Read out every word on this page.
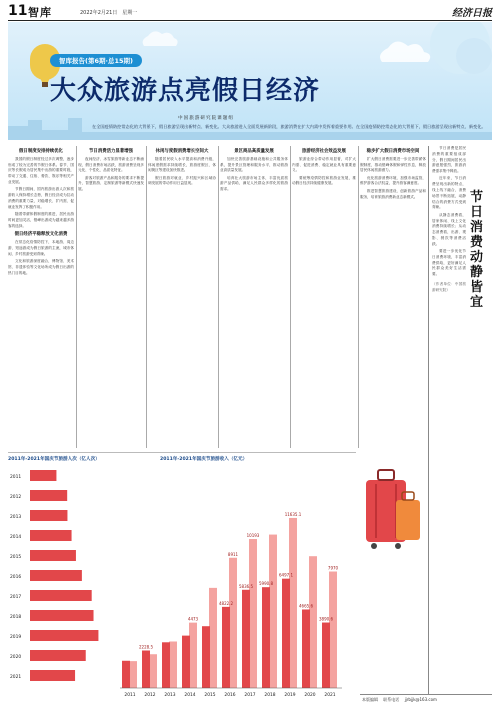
11 智库	2022年2月21日　星期一	经济日报
智库报告(第6期·总15期)
大众旅游点亮假日经济
中国旅游研究院课题组
在全国疫情防控常态化的大背景下，假日旅游呈现出新特点、新变化。大众旅游进入全面发展新阶段，旅游消费在扩大内需中发挥着重要作用。在全国疫情防控常态化的大背景下，假日旅游呈现出新特点、新变化。
假日制度安排持续优化

我国的假日制度经过多次调整，逐步形成了较为完善的节假日体系。春节、国庆等长假成为居民集中出游的重要时段，带动了交通、住宿、餐饮、娱乐等相关产业发展。

节假日期间，国内旅游出游人次和旅游收入保持增长态势，假日经济成为拉动消费的重要力量，对稳增长、扩内需、促就业发挥了积极作用。

随着带薪休假制度的推进，居民出游时间更加灵活，错峰出游成为越来越多游客的选择。

假日经济平稳释放文化消费

在常态化疫情防控下，本地游、周边游、短途游成为假日旅游的主流，城市休闲、乡村旅游受到青睐。

文化和旅游深度融合，博物馆、美术馆、非遗体验等文化场所成为假日出游的热门目的地。

节日消费活力显著增强

夜间经济、冰雪旅游等新业态不断涌现，假日消费市场活跃，旅游消费呈现多元化、个性化、品质化特征。

游客对旅游产品和服务的要求不断提升，智慧旅游、定制旅游等新模式快速发展。

休闲与度假消费增长空间大

随着居民收入水平提高和消费升级，休闲度假需求持续增长，旅游度假区、休闲街区等建设加快推进。

假日旅游对就业、乡村振兴和区域协调发展的带动作用日益显现。

景区商品高质量发展

加快完善旅游基础设施和公共服务体系，提升景区管理和服务水平，推动旅游业高质量发展。

培育壮大旅游市场主体，丰富优质旅游产品供给，满足人民群众多样化的旅游需求。

旅游经济社会效益发展

旅游业综合带动作用显著，对扩大内需、促进消费、稳定就业具有重要意义。

要统筹疫情防控和旅游业发展，推动假日经济持续健康发展。

稳步扩大假日消费市场空间

扩大假日消费需要进一步完善带薪休假制度，推动错峰休假和弹性作息，释放居民休闲旅游潜力。

优化旅游消费环境，加强市场监管，维护游客合法权益，提升游客满意度。

推进智慧旅游建设，创新旅游产品和服务，培育旅游消费新业态新模式。	节日消费动静皆宜

节日消费是居民消费的重要组成部分，假日期间居民出游意愿强烈，旅游消费需求集中释放。

近年来，节日消费呈现出新的特点，线上线下融合，消费场景不断拓展，动静结合的消费方式受到青睐。

从静态消费看，居家休闲、线上文化消费持续增长；从动态消费看，出游、观影、餐饮等消费活跃。

要进一步优化节日消费环境，丰富消费供给，更好满足人民群众美好生活需要。

（作者单位：中国旅游研究院）

2011年-2021年国庆节旅游人次（亿人次）
2011
2012
2013
2014
2015
2016
2017
2018
2019
2020
2021
2011年-2021年国庆节旅游收入（亿元）
2011
2228.5
2012 2013
4473
2014 2015
8911
4822.2
2016
10193
5836.5
2017
5990.8
2018
11635.1
6497.1
2019
4665.6
2020
7970
3890.6
2021
本版编辑 联系电话 jjrbjjk@163.com
